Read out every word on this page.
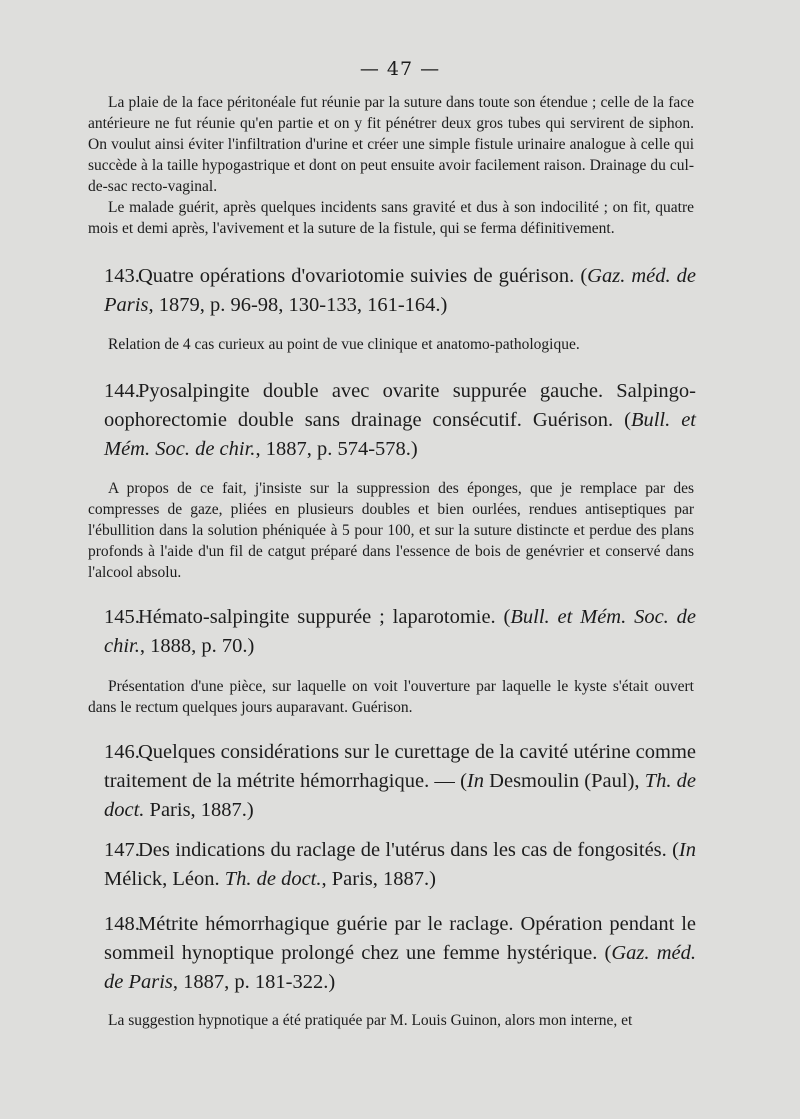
— 47 —

La plaie de la face péritonéale fut réunie par la suture dans toute son étendue ; celle de la face antérieure ne fut réunie qu'en partie et on y fit pénétrer deux gros tubes qui servirent de siphon. On voulut ainsi éviter l'infiltration d'urine et créer une simple fistule urinaire analogue à celle qui succède à la taille hypogastrique et dont on peut ensuite avoir facilement raison. Drainage du cul-de-sac recto-vaginal.

Le malade guérit, après quelques incidents sans gravité et dus à son indocilité ; on fit, quatre mois et demi après, l'avivement et la suture de la fistule, qui se ferma définitivement.

143.Quatre opérations d'ovariotomie suivies de guérison. (Gaz. méd. de Paris, 1879, p. 96-98, 130-133, 161-164.)

Relation de 4 cas curieux au point de vue clinique et anatomo-pathologique.

144.Pyosalpingite double avec ovarite suppurée gauche. Salpingo-oophorectomie double sans drainage consécutif. Guérison. (Bull. et Mém. Soc. de chir., 1887, p. 574-578.)

A propos de ce fait, j'insiste sur la suppression des éponges, que je remplace par des compresses de gaze, pliées en plusieurs doubles et bien ourlées, rendues antiseptiques par l'ébullition dans la solution phéniquée à 5 pour 100, et sur la suture distincte et perdue des plans profonds à l'aide d'un fil de catgut préparé dans l'essence de bois de genévrier et conservé dans l'alcool absolu.

145.Hémato-salpingite suppurée ; laparotomie. (Bull. et Mém. Soc. de chir., 1888, p. 70.)

Présentation d'une pièce, sur laquelle on voit l'ouverture par laquelle le kyste s'était ouvert dans le rectum quelques jours auparavant. Guérison.

146.Quelques considérations sur le curettage de la cavité utérine comme traitement de la métrite hémorrhagique. — (In Desmoulin (Paul), Th. de doct. Paris, 1887.)
147.Des indications du raclage de l'utérus dans les cas de fongosités. (In Mélick, Léon. Th. de doct., Paris, 1887.)
148.Métrite hémorrhagique guérie par le raclage. Opération pendant le sommeil hynoptique prolongé chez une femme hystérique. (Gaz. méd. de Paris, 1887, p. 181-322.)

La suggestion hypnotique a été pratiquée par M. Louis Guinon, alors mon interne, et
